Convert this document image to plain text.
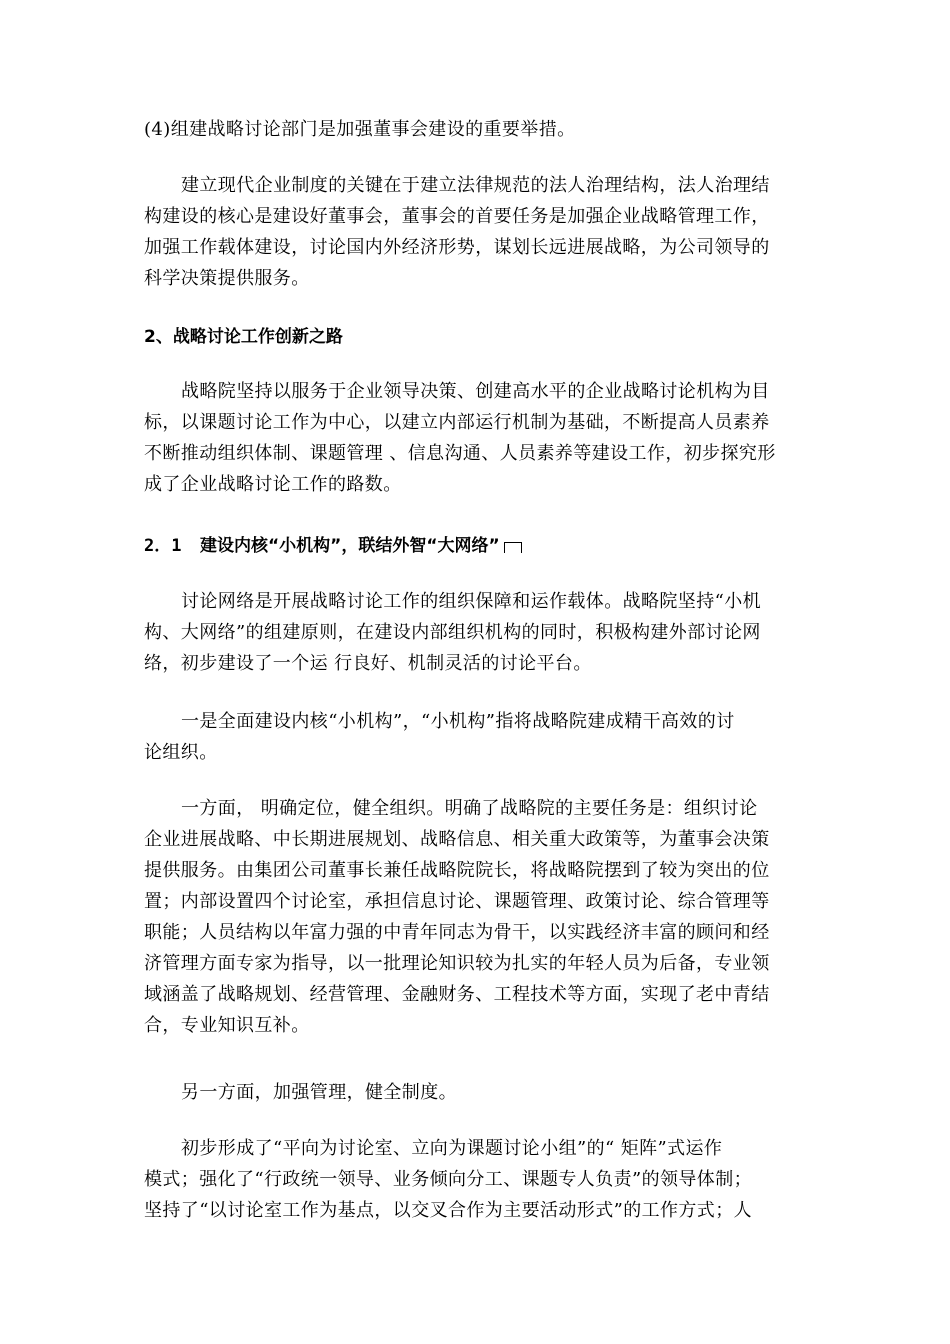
(4)组建战略讨论部门是加强董事会建设的重要举措。

建立现代企业制度的关键在于建立法律规范的法人治理结构，法人治理结
构建设的核心是建设好董事会，董事会的首要任务是加强企业战略管理工作，
加强工作载体建设，讨论国内外经济形势，谋划长远进展战略，为公司领导的
科学决策提供服务。

2、战略讨论工作创新之路

战略院坚持以服务于企业领导决策、创建高水平的企业战略讨论机构为目
标，以课题讨论工作为中心，以建立内部运行机制为基础，不断提高人员素养
不断推动组织体制、课题管理 、信息沟通、人员素养等建设工作，初步探究形
成了企业战略讨论工作的路数。

2．1 建设内核“小机构”，联结外智“大网络”

讨论网络是开展战略讨论工作的组织保障和运作载体。战略院坚持“小机
构、大网络”的组建原则，在建设内部组织机构的同时，积极构建外部讨论网
络，初步建设了一个运 行良好、机制灵活的讨论平台。

一是全面建设内核“小机构”，“小机构”指将战略院建成精干高效的讨
论组织。

一方面， 明确定位，健全组织。明确了战略院的主要任务是：组织讨论
企业进展战略、中长期进展规划、战略信息、相关重大政策等，为董事会决策
提供服务。由集团公司董事长兼任战略院院长，将战略院摆到了较为突出的位
置；内部设置四个讨论室，承担信息讨论、课题管理、政策讨论、综合管理等
职能；人员结构以年富力强的中青年同志为骨干，以实践经济丰富的顾问和经
济管理方面专家为指导，以一批理论知识较为扎实的年轻人员为后备，专业领
域涵盖了战略规划、经营管理、金融财务、工程技术等方面，实现了老中青结
合，专业知识互补。

另一方面，加强管理，健全制度。

初步形成了“平向为讨论室、立向为课题讨论小组”的“ 矩阵”式运作
模式；强化了“行政统一领导、业务倾向分工、课题专人负责”的领导体制；
坚持了“以讨论室工作为基点，以交叉合作为主要活动形式”的工作方式；人
